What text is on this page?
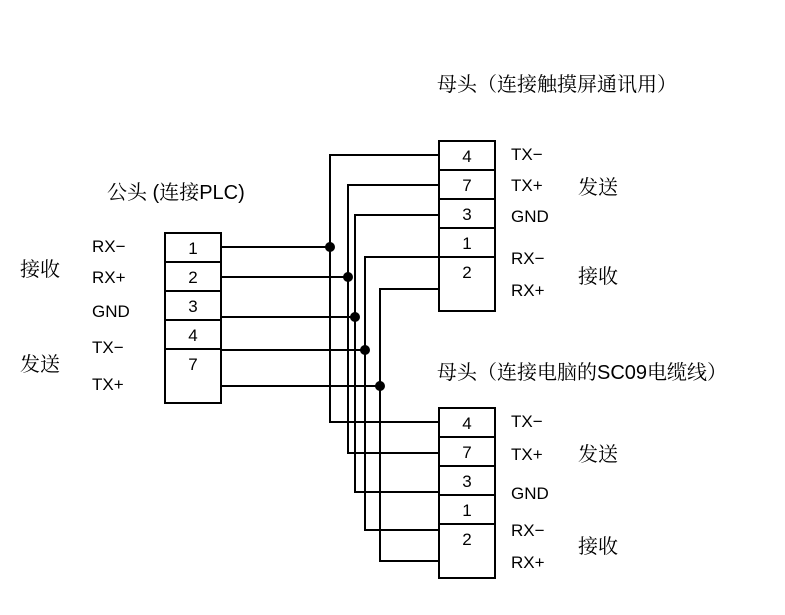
母头（连接触摸屏通讯用）
公头 (连接PLC)
母头（连接电脑的SC09电缆线）
1
2
3
4
7
RX−
RX+
GND
TX−
TX+
接收
发送
4
7
3
1
2
TX−
TX+
GND
RX−
RX+
发送
接收
4
7
3
1
2
TX−
TX+
GND
RX−
RX+
发送
接收
